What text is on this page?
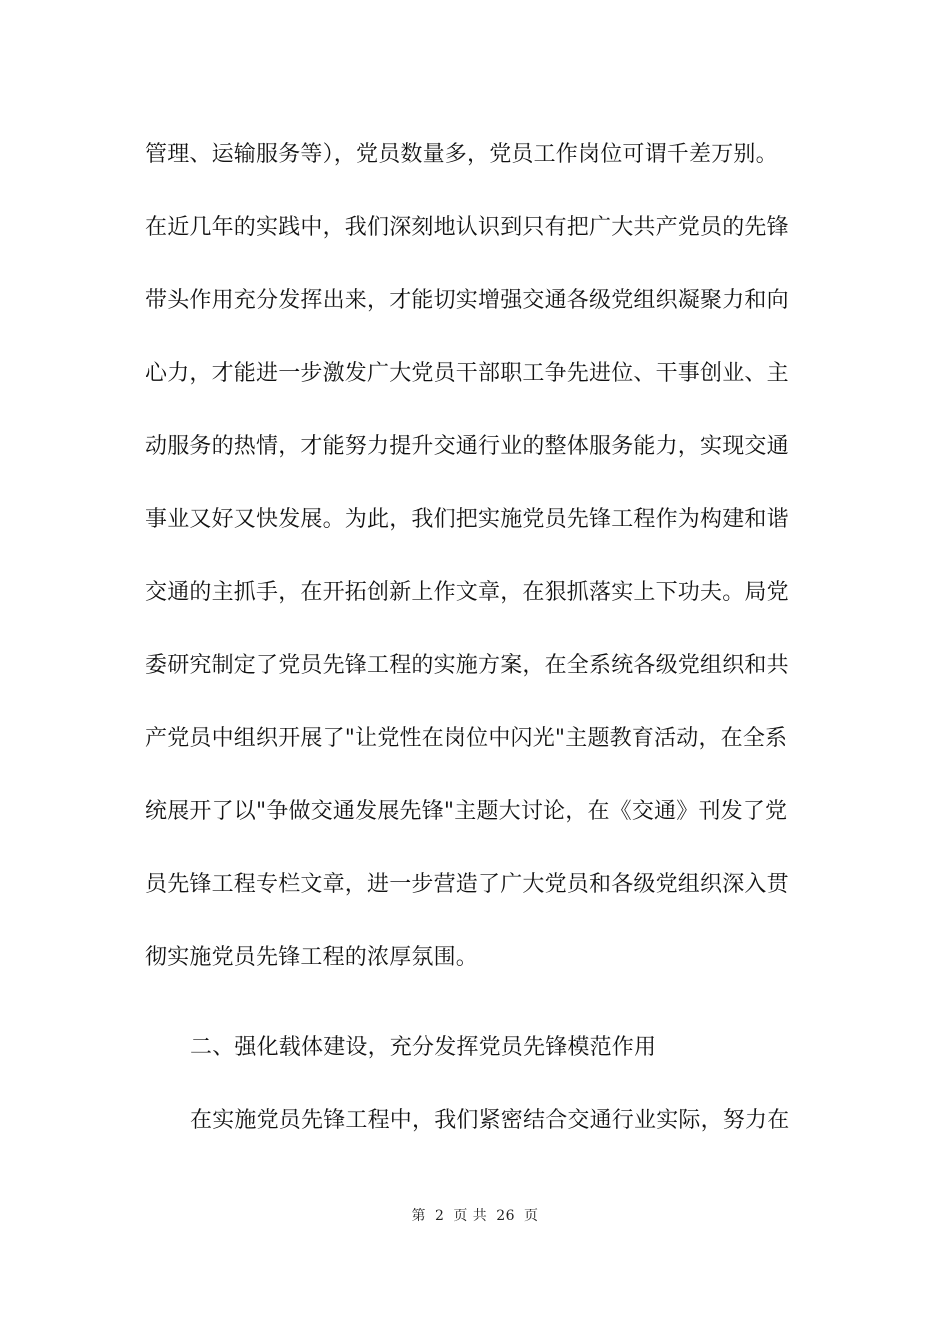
管理、运输服务等），党员数量多，党员工作岗位可谓千差万别。
在近几年的实践中，我们深刻地认识到只有把广大共产党员的先锋
带头作用充分发挥出来，才能切实增强交通各级党组织凝聚力和向
心力，才能进一步激发广大党员干部职工争先进位、干事创业、主
动服务的热情，才能努力提升交通行业的整体服务能力，实现交通
事业又好又快发展。为此，我们把实施党员先锋工程作为构建和谐
交通的主抓手，在开拓创新上作文章，在狠抓落实上下功夫。局党
委研究制定了党员先锋工程的实施方案，在全系统各级党组织和共
产党员中组织开展了"让党性在岗位中闪光"主题教育活动，在全系
统展开了以"争做交通发展先锋"主题大讨论，在《交通》刊发了党
员先锋工程专栏文章，进一步营造了广大党员和各级党组织深入贯
彻实施党员先锋工程的浓厚氛围。
二、强化载体建设，充分发挥党员先锋模范作用
在实施党员先锋工程中，我们紧密结合交通行业实际，努力在
第 2 页 共 26 页
